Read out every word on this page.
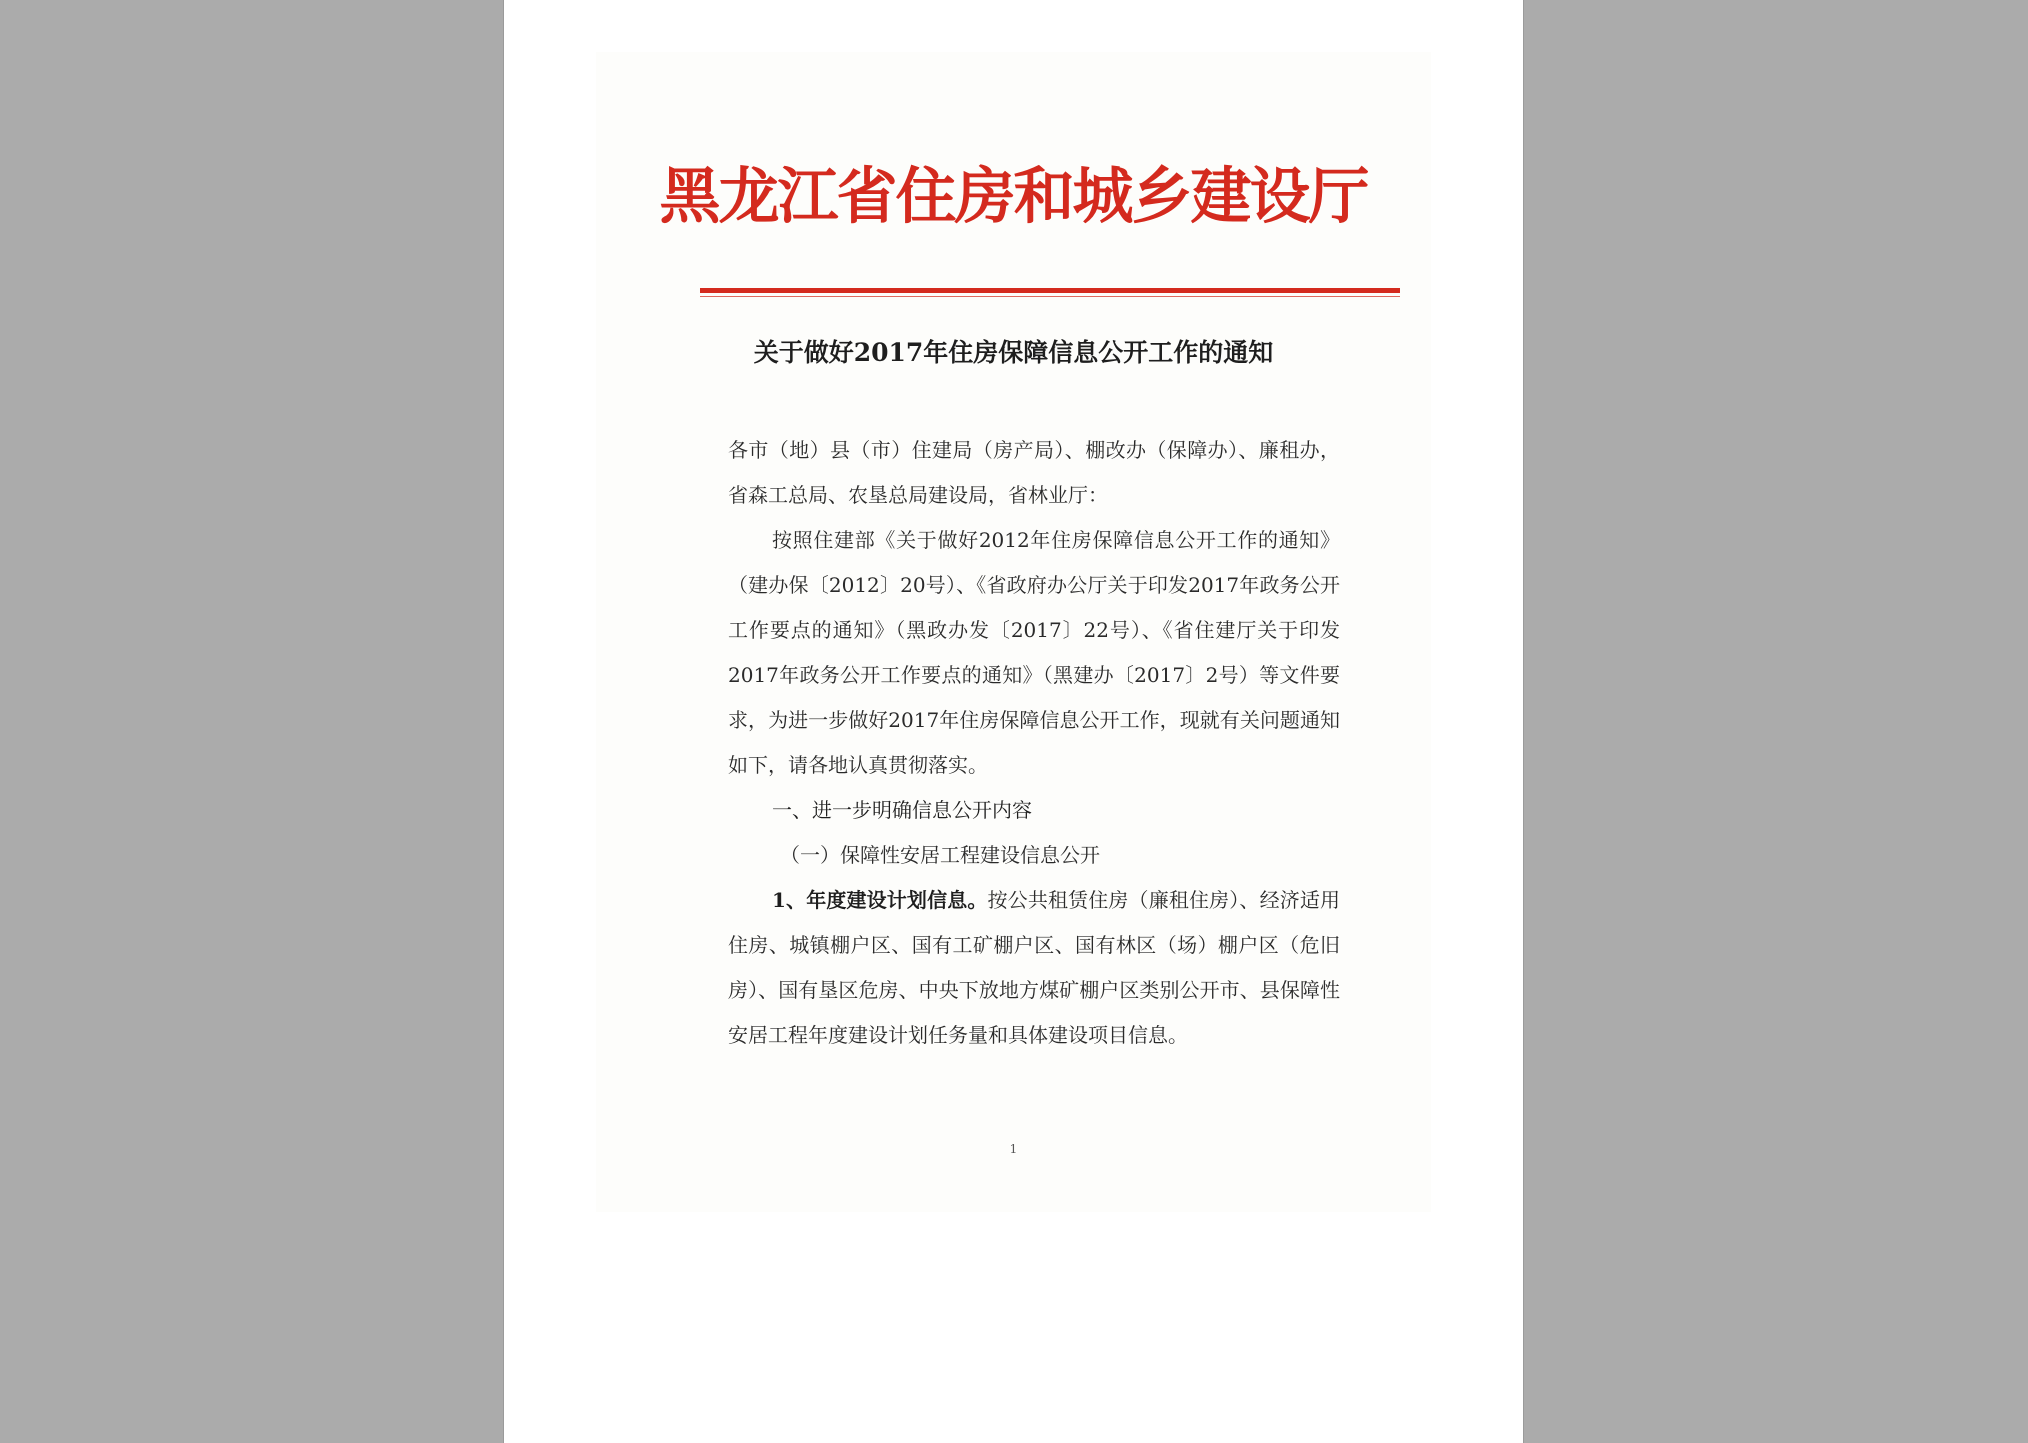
黑龙江省住房和城乡建设厅
关于做好2017年住房保障信息公开工作的通知

各市（地）县（市）住建局（房产局）、棚改办（保障办）、廉租办，省森工总局、农垦总局建设局，省林业厅：

按照住建部《关于做好2012年住房保障信息公开工作的通知》（建办保〔2012〕20号）、《省政府办公厅关于印发2017年政务公开工作要点的通知》（黑政办发〔2017〕22号）、《省住建厅关于印发2017年政务公开工作要点的通知》（黑建办〔2017〕2号）等文件要求，为进一步做好2017年住房保障信息公开工作，现就有关问题通知如下，请各地认真贯彻落实。

一、进一步明确信息公开内容

（一）保障性安居工程建设信息公开

1、年度建设计划信息。按公共租赁住房（廉租住房）、经济适用住房、城镇棚户区、国有工矿棚户区、国有林区（场）棚户区（危旧房）、国有垦区危房、中央下放地方煤矿棚户区类别公开市、县保障性安居工程年度建设计划任务量和具体建设项目信息。

1
